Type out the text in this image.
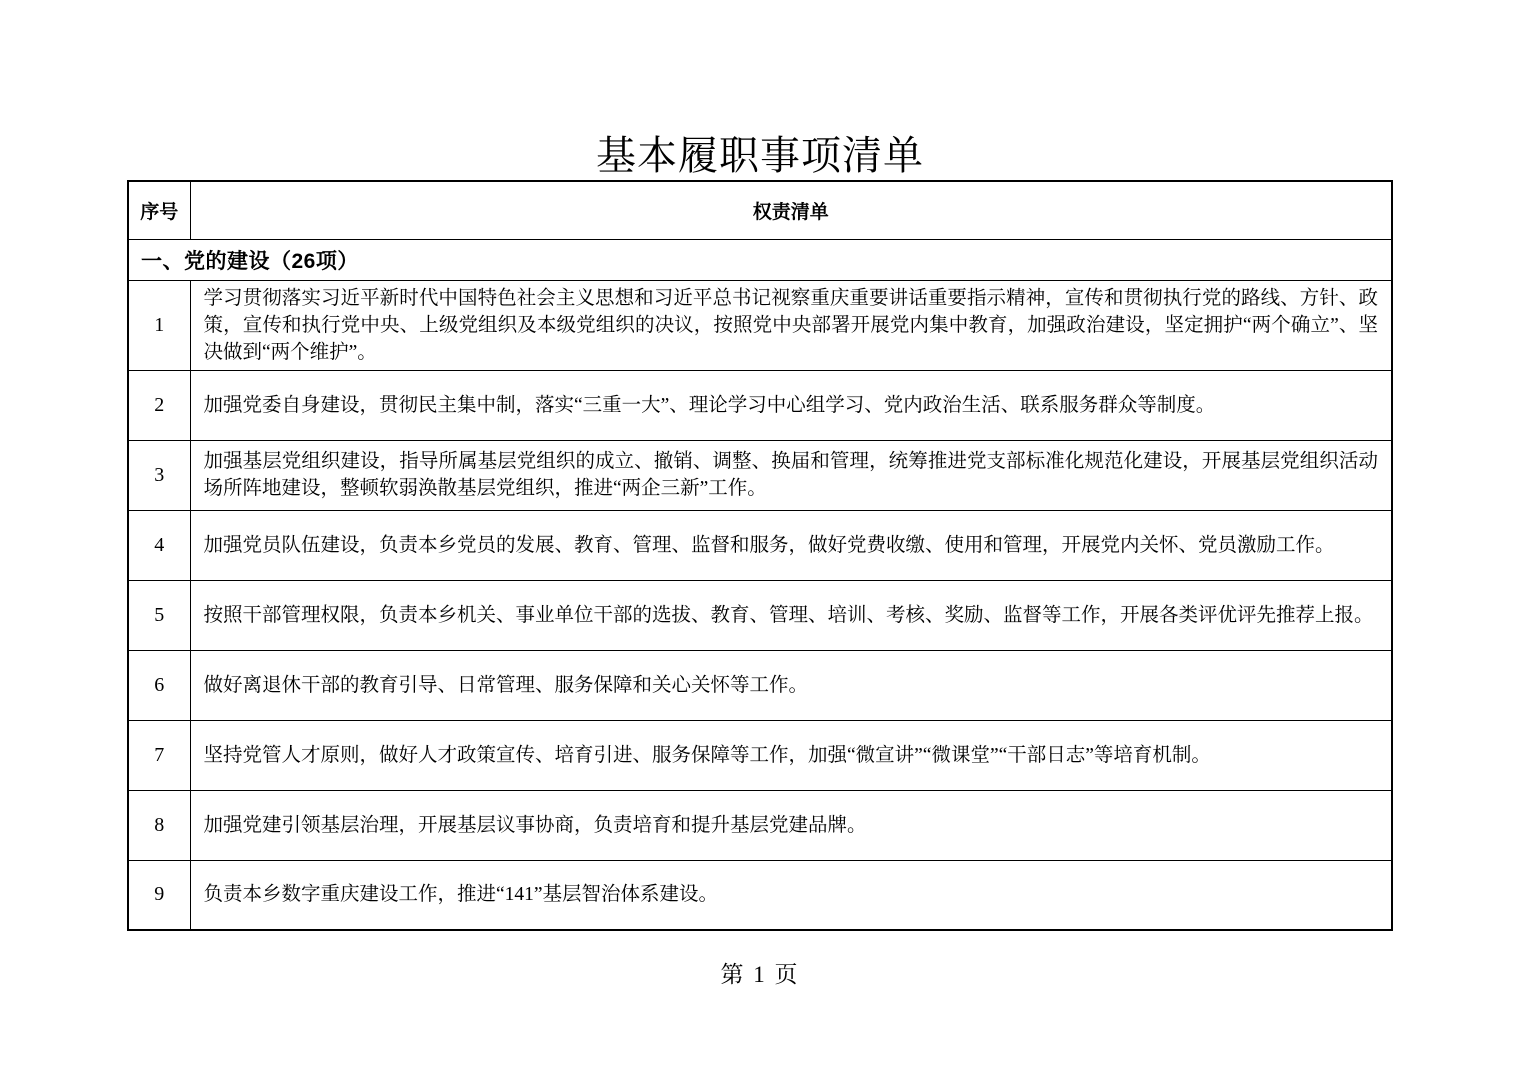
基本履职事项清单
序号	权责清单
一、党的建设（26项）	
1	学习贯彻落实习近平新时代中国特色社会主义思想和习近平总书记视察重庆重要讲话重要指示精神，宣传和贯彻执行党的路线、方针、政策，宣传和执行党中央、上级党组织及本级党组织的决议，按照党中央部署开展党内集中教育，加强政治建设，坚定拥护“两个确立”、坚决做到“两个维护”。
2	加强党委自身建设，贯彻民主集中制，落实“三重一大”、理论学习中心组学习、党内政治生活、联系服务群众等制度。
3	加强基层党组织建设，指导所属基层党组织的成立、撤销、调整、换届和管理，统筹推进党支部标准化规范化建设，开展基层党组织活动场所阵地建设，整顿软弱涣散基层党组织，推进“两企三新”工作。
4	加强党员队伍建设，负责本乡党员的发展、教育、管理、监督和服务，做好党费收缴、使用和管理，开展党内关怀、党员激励工作。
5	按照干部管理权限，负责本乡机关、事业单位干部的选拔、教育、管理、培训、考核、奖励、监督等工作，开展各类评优评先推荐上报。
6	做好离退休干部的教育引导、日常管理、服务保障和关心关怀等工作。
7	坚持党管人才原则，做好人才政策宣传、培育引进、服务保障等工作，加强“微宣讲”“微课堂”“干部日志”等培育机制。
8	加强党建引领基层治理，开展基层议事协商，负责培育和提升基层党建品牌。
9	负责本乡数字重庆建设工作，推进“141”基层智治体系建设。
第 1 页
